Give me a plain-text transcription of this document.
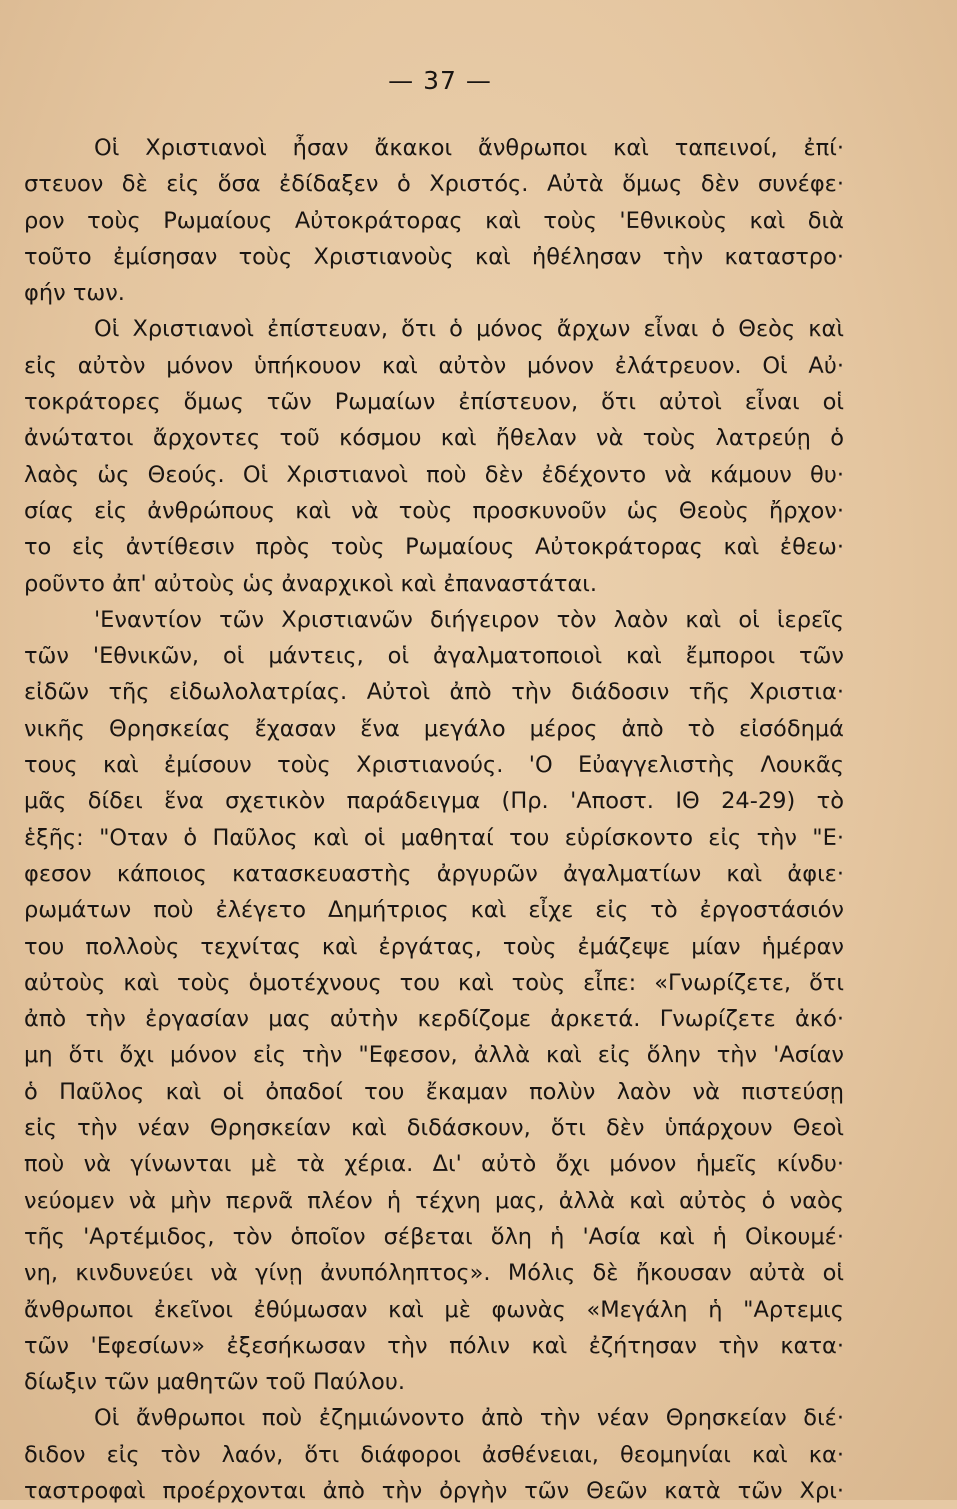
— 37 —
Οἱ Χριστιανοὶ ἦσαν ἄκακοι ἄνθρωποι καὶ ταπεινοί, ἐπί·
στευον δὲ εἰς ὅσα ἐδίδαξεν ὁ Χριστός. Αὐτὰ ὅμως δὲν συνέφε·
ρον τοὺς Ρωμαίους Αὐτοκράτορας καὶ τοὺς 'Εθνικοὺς καὶ διὰ
τοῦτο ἐμίσησαν τοὺς Χριστιανοὺς καὶ ἠθέλησαν τὴν καταστρο·
φήν των.
Οἱ Χριστιανοὶ ἐπίστευαν, ὅτι ὁ μόνος ἄρχων εἶναι ὁ Θεὸς καὶ
εἰς αὐτὸν μόνον ὑπήκουον καὶ αὐτὸν μόνον ἐλάτρευον. Οἱ Αὐ·
τοκράτορες ὅμως τῶν Ρωμαίων ἐπίστευον, ὅτι αὐτοὶ εἶναι οἱ
ἀνώτατοι ἄρχοντες τοῦ κόσμου καὶ ἤθελαν νὰ τοὺς λατρεύῃ ὁ
λαὸς ὡς Θεούς. Οἱ Χριστιανοὶ ποὺ δὲν ἐδέχοντο νὰ κάμουν θυ·
σίας εἰς ἀνθρώπους καὶ νὰ τοὺς προσκυνοῦν ὡς Θεοὺς ἤρχον·
το εἰς ἀντίθεσιν πρὸς τοὺς Ρωμαίους Αὐτοκράτορας καὶ ἐθεω·
ροῦντο ἀπ' αὐτοὺς ὡς ἀναρχικοὶ καὶ ἐπαναστάται.
'Εναντίον τῶν Χριστιανῶν διήγειρον τὸν λαὸν καὶ οἱ ἱερεῖς
τῶν 'Εθνικῶν, οἱ μάντεις, οἱ ἀγαλματοποιοὶ καὶ ἔμποροι τῶν
εἰδῶν τῆς εἰδωλολατρίας. Αὐτοὶ ἀπὸ τὴν διάδοσιν τῆς Χριστια·
νικῆς Θρησκείας ἔχασαν ἕνα μεγάλο μέρος ἀπὸ τὸ εἰσόδημά
τους καὶ ἐμίσουν τοὺς Χριστιανούς. 'Ο Εὐαγγελιστὴς Λουκᾶς
μᾶς δίδει ἕνα σχετικὸν παράδειγμα (Πρ. 'Αποστ. ΙΘ 24-29) τὸ
ἑξῆς: "Οταν ὁ Παῦλος καὶ οἱ μαθηταί του εὑρίσκοντο εἰς τὴν "Ε·
φεσον κάποιος κατασκευαστὴς ἀργυρῶν ἀγαλματίων καὶ ἀφιε·
ρωμάτων ποὺ ἐλέγετο Δημήτριος καὶ εἶχε εἰς τὸ ἐργοστάσιόν
του πολλοὺς τεχνίτας καὶ ἐργάτας, τοὺς ἐμάζεψε μίαν ἡμέραν
αὐτοὺς καὶ τοὺς ὁμοτέχνους του καὶ τοὺς εἶπε: «Γνωρίζετε, ὅτι
ἀπὸ τὴν ἐργασίαν μας αὐτὴν κερδίζομε ἀρκετά. Γνωρίζετε ἀκό·
μη ὅτι ὄχι μόνον εἰς τὴν "Εφεσον, ἀλλὰ καὶ εἰς ὅλην τὴν 'Ασίαν
ὁ Παῦλος καὶ οἱ ὀπαδοί του ἔκαμαν πολὺν λαὸν νὰ πιστεύσῃ
εἰς τὴν νέαν Θρησκείαν καὶ διδάσκουν, ὅτι δὲν ὑπάρχουν Θεοὶ
ποὺ νὰ γίνωνται μὲ τὰ χέρια. Δι' αὐτὸ ὄχι μόνον ἡμεῖς κίνδυ·
νεύομεν νὰ μὴν περνᾶ πλέον ἡ τέχνη μας, ἀλλὰ καὶ αὐτὸς ὁ ναὸς
τῆς 'Αρτέμιδος, τὸν ὁποῖον σέβεται ὅλη ἡ 'Ασία καὶ ἡ Οἰκουμέ·
νη, κινδυνεύει νὰ γίνῃ ἀνυπόληπτος». Μόλις δὲ ἤκουσαν αὐτὰ οἱ
ἄνθρωποι ἐκεῖνοι ἐθύμωσαν καὶ μὲ φωνὰς «Μεγάλη ἡ "Αρτεμις
τῶν 'Εφεσίων» ἐξεσήκωσαν τὴν πόλιν καὶ ἐζήτησαν τὴν κατα·
δίωξιν τῶν μαθητῶν τοῦ Παύλου.
Οἱ ἄνθρωποι ποὺ ἐζημιώνοντο ἀπὸ τὴν νέαν Θρησκείαν διέ·
διδον εἰς τὸν λαόν, ὅτι διάφοροι ἀσθένειαι, θεομηνίαι καὶ κα·
ταστροφαὶ προέρχονται ἀπὸ τὴν ὀργὴν τῶν Θεῶν κατὰ τῶν Χρι·
